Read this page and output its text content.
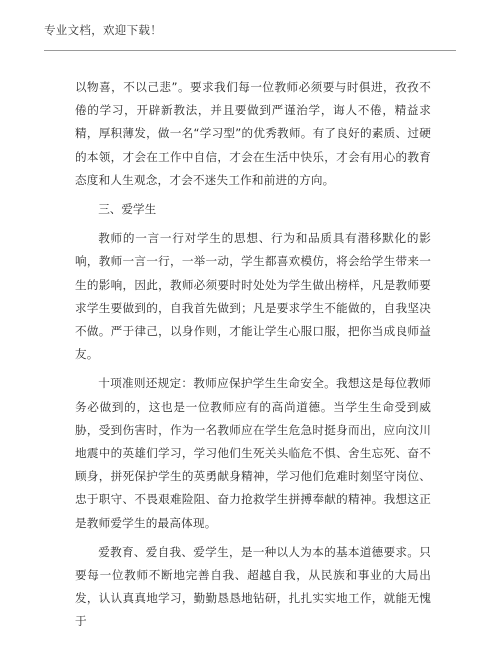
专业文档，欢迎下载！

以物喜，不以己悲”。要求我们每一位教师必须要与时俱进，孜孜不倦的学习，开辟新教法，并且要做到严谨治学，诲人不倦，精益求精，厚积薄发，做一名“学习型”的优秀教师。有了良好的素质、过硬的本领，才会在工作中自信，才会在生活中快乐，才会有用心的教育态度和人生观念，才会不迷失工作和前进的方向。

三、爱学生

教师的一言一行对学生的思想、行为和品质具有潜移默化的影响，教师一言一行，一举一动，学生都喜欢模仿，将会给学生带来一生的影响，因此，教师必须要时时处处为学生做出榜样，凡是教师要求学生要做到的，自我首先做到；凡是要求学生不能做的，自我坚决不做。严于律己，以身作则，才能让学生心服口服，把你当成良师益友。

十项准则还规定：教师应保护学生生命安全。我想这是每位教师务必做到的，这也是一位教师应有的高尚道德。当学生生命受到威胁，受到伤害时，作为一名教师应在学生危急时挺身而出，应向汶川地震中的英雄们学习，学习他们生死关头临危不惧、舍生忘死、奋不顾身，拼死保护学生的英勇献身精神，学习他们危难时刻坚守岗位、忠于职守、不畏艰难险阻、奋力抢救学生拼搏奉献的精神。我想这正是教师爱学生的最高体现。

爱教育、爱自我、爱学生，是一种以人为本的基本道德要求。只要每一位教师不断地完善自我、超越自我，从民族和事业的大局出发，认认真真地学习，勤勤恳恳地钻研，扎扎实实地工作，就能无愧于
